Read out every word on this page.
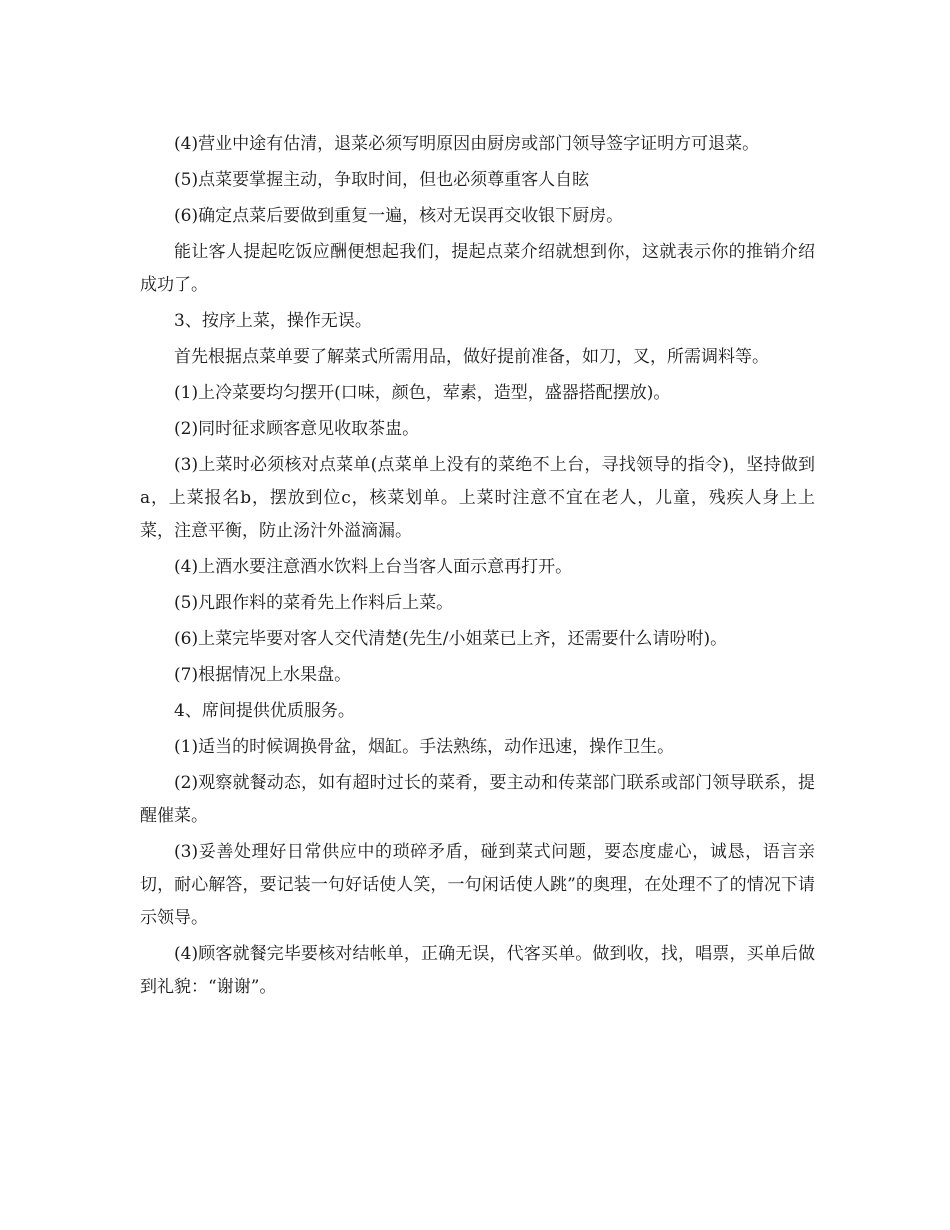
(4)营业中途有估清，退菜必须写明原因由厨房或部门领导签字证明方可退菜。

(5)点菜要掌握主动，争取时间，但也必须尊重客人自眩

(6)确定点菜后要做到重复一遍，核对无误再交收银下厨房。

能让客人提起吃饭应酬便想起我们，提起点菜介绍就想到你，这就表示你的推销介绍成功了。

3、按序上菜，操作无误。

首先根据点菜单要了解菜式所需用品，做好提前准备，如刀，叉，所需调料等。

(1)上冷菜要均匀摆开(口味，颜色，荤素，造型，盛器搭配摆放)。

(2)同时征求顾客意见收取茶盅。

(3)上菜时必须核对点菜单(点菜单上没有的菜绝不上台，寻找领导的指令)，坚持做到a，上菜报名b，摆放到位c，核菜划单。上菜时注意不宜在老人，儿童，残疾人身上上菜，注意平衡，防止汤汁外溢滴漏。

(4)上酒水要注意酒水饮料上台当客人面示意再打开。

(5)凡跟作料的菜肴先上作料后上菜。

(6)上菜完毕要对客人交代清楚(先生/小姐菜已上齐，还需要什么请吩咐)。

(7)根据情况上水果盘。

4、席间提供优质服务。

(1)适当的时候调换骨盆，烟缸。手法熟练，动作迅速，操作卫生。

(2)观察就餐动态，如有超时过长的菜肴，要主动和传菜部门联系或部门领导联系，提醒催菜。

(3)妥善处理好日常供应中的琐碎矛盾，碰到菜式问题，要态度虚心，诚恳，语言亲切，耐心解答，要记装一句好话使人笑，一句闲话使人跳”的奥理，在处理不了的情况下请示领导。

(4)顾客就餐完毕要核对结帐单，正确无误，代客买单。做到收，找，唱票，买单后做到礼貌：“谢谢”。
